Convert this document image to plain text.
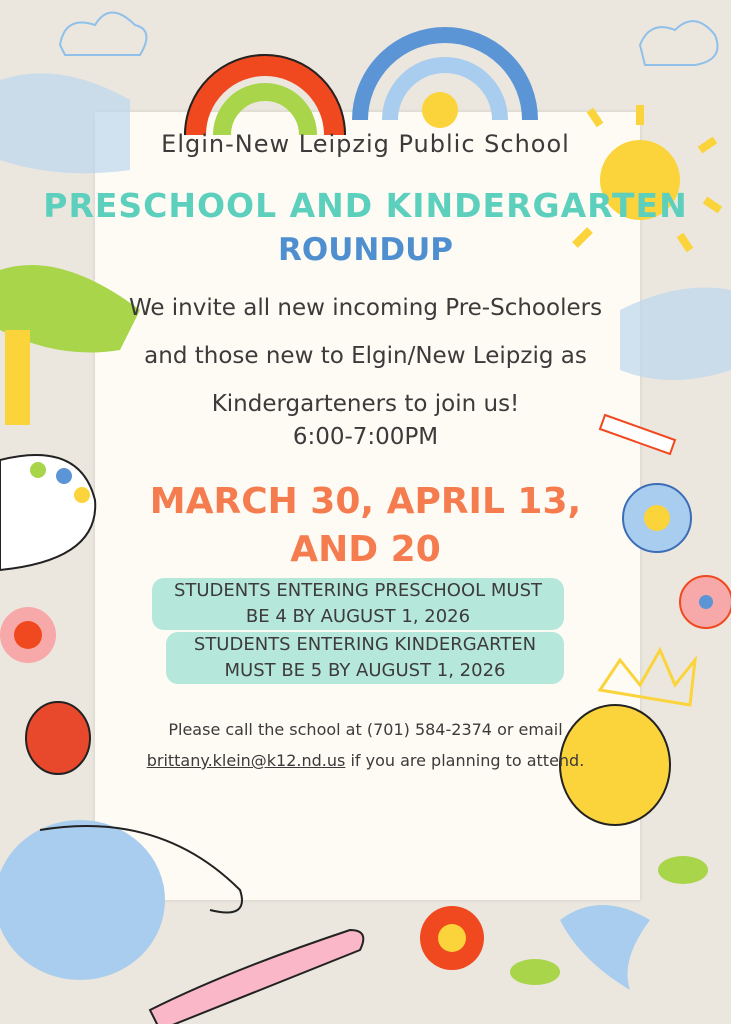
Elgin-New Leipzig Public School
PRESCHOOL AND KINDERGARTEN
ROUNDUP
We invite all new incoming Pre-Schoolers
and those new to Elgin/New Leipzig as
Kindergarteners to join us!
6:00-7:00PM
MARCH 30, APRIL 13,
AND 20
STUDENTS ENTERING PRESCHOOL MUST
BE 4 BY AUGUST 1, 2026
STUDENTS ENTERING KINDERGARTEN
MUST BE 5 BY AUGUST 1, 2026
Please call the school at (701) 584-2374 or email
brittany.klein@k12.nd.us if you are planning to attend.
